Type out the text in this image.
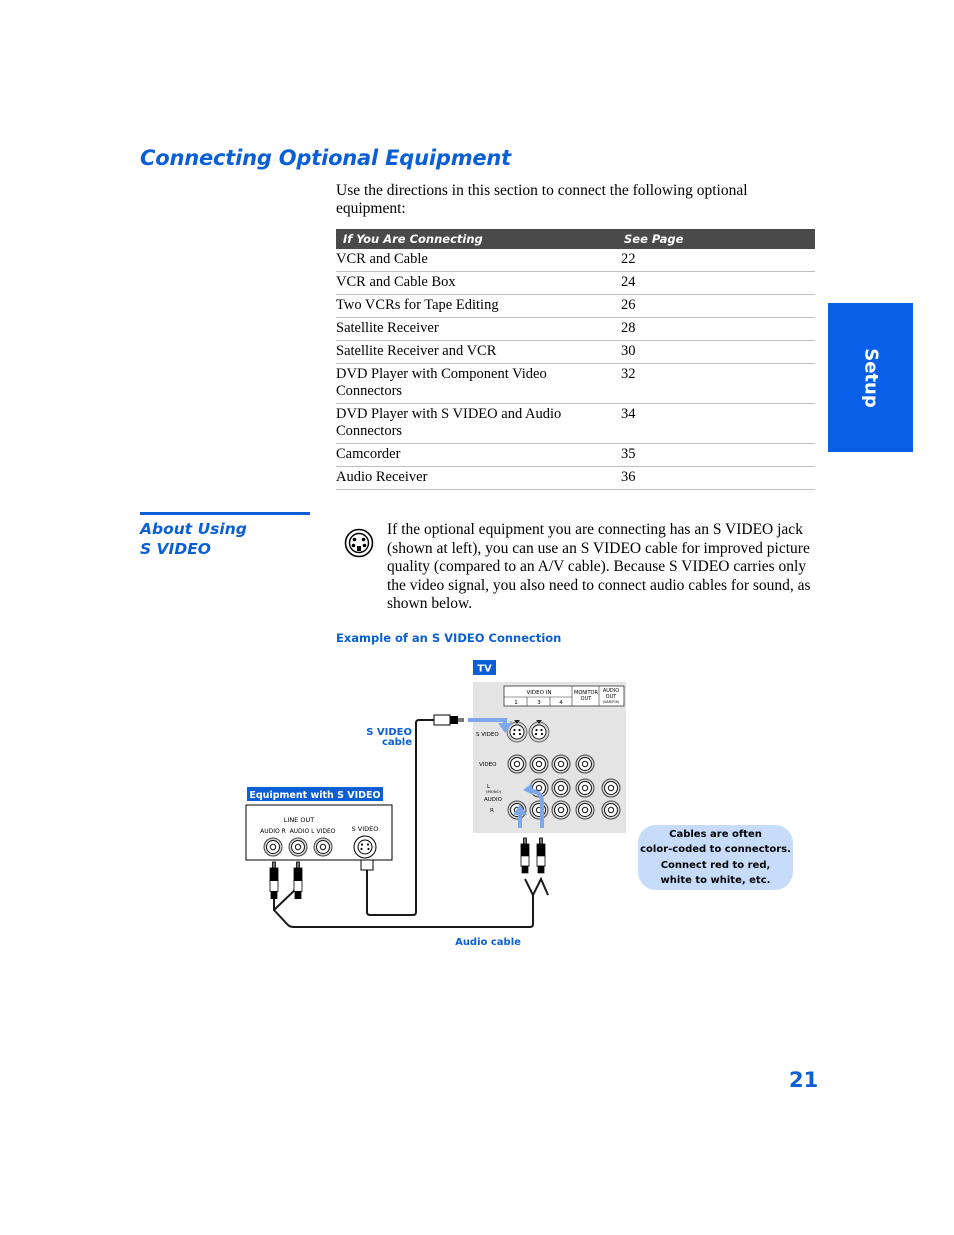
Connecting Optional Equipment

Use the directions in this section to connect the following optional equipment:

Setup
If You Are Connecting	See Page
VCR and Cable	22
VCR and Cable Box	24
Two VCRs for Tape Editing	26
Satellite Receiver	28
Satellite Receiver and VCR	30
DVD Player with Component Video Connectors	32
DVD Player with S VIDEO and Audio Connectors	34
Camcorder	35
Audio Receiver	36
About Using
S VIDEO

If the optional equipment you are connecting has an S VIDEO jack (shown at left), you can use an S VIDEO cable for improved picture quality (compared to an A/V cable). Because S VIDEO carries only the video signal, you also need to connect audio cables for sound, as shown below.

Example of an S VIDEO Connection
TV
VIDEO IN
1	3	4
MONITOR
OUT
AUDIO
OUT
(VAR/FIX)
S VIDEO
VIDEO
L
(MONO)
AUDIO
R
S VIDEO
cable
Audio cable
Equipment with S VIDEO
LINE OUT
AUDIO R AUDIO L VIDEO S VIDEO	Cables are often
color-coded to connectors.
Connect red to red,
white to white, etc.
21
